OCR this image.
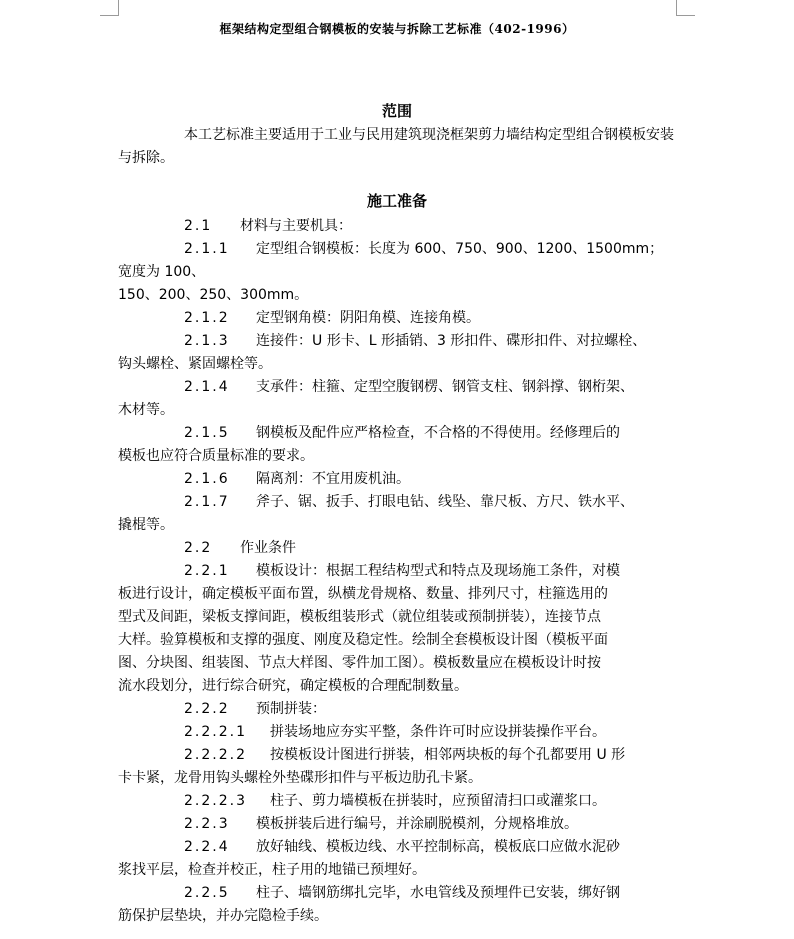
框架结构定型组合钢模板的安装与拆除工艺标准（402-1996）
范围
本工艺标准主要适用于工业与民用建筑现浇框架剪力墙结构定型组合钢模板安装与拆除。
施工准备
2.1 材料与主要机具：
2.1.1 定型组合钢模板：长度为 600、750、900、1200、1500mm；
宽度为 100、
150、200、250、300mm。
2.1.2 定型钢角模：阴阳角模、连接角模。
2.1.3 连接件：U 形卡、L 形插销、3 形扣件、碟形扣件、对拉螺栓、
钩头螺栓、紧固螺栓等。
2.1.4 支承件：柱箍、定型空腹钢楞、钢管支柱、钢斜撑、钢桁架、
木材等。
2.1.5 钢模板及配件应严格检查，不合格的不得使用。经修理后的
模板也应符合质量标准的要求。
2.1.6 隔离剂：不宜用废机油。
2.1.7 斧子、锯、扳手、打眼电钻、线坠、靠尺板、方尺、铁水平、
撬棍等。
2.2 作业条件
2.2.1 模板设计：根据工程结构型式和特点及现场施工条件，对模
板进行设计，确定模板平面布置，纵横龙骨规格、数量、排列尺寸，柱箍选用的
型式及间距，梁板支撑间距，模板组装形式（就位组装或预制拼装），连接节点
大样。验算模板和支撑的强度、刚度及稳定性。绘制全套模板设计图（模板平面
图、分块图、组装图、节点大样图、零件加工图）。模板数量应在模板设计时按
流水段划分，进行综合研究，确定模板的合理配制数量。
2.2.2 预制拼装：
2.2.2.1 拼装场地应夯实平整，条件许可时应设拼装操作平台。
2.2.2.2 按模板设计图进行拼装，相邻两块板的每个孔都要用 U 形
卡卡紧，龙骨用钩头螺栓外垫碟形扣件与平板边肋孔卡紧。
2.2.2.3 柱子、剪力墙模板在拼装时，应预留清扫口或灌浆口。
2.2.3 模板拼装后进行编号，并涂刷脱模剂，分规格堆放。
2.2.4 放好轴线、模板边线、水平控制标高，模板底口应做水泥砂
浆找平层，检查并校正，柱子用的地锚已预埋好。
2.2.5 柱子、墙钢筋绑扎完毕，水电管线及预埋件已安装，绑好钢
筋保护层垫块，并办完隐检手续。
